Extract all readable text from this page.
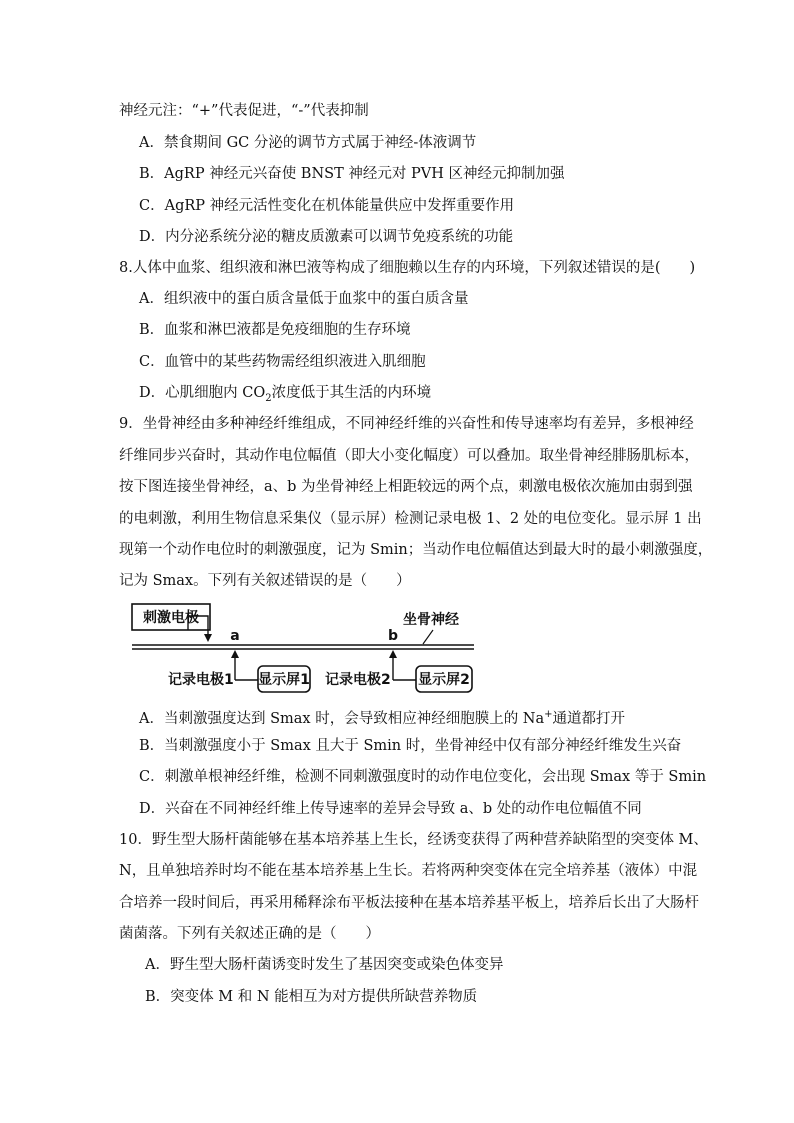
神经元注：“+”代表促进，“-”代表抑制
A．禁食期间 GC 分泌的调节方式属于神经-体液调节
B．AgRP 神经元兴奋使 BNST 神经元对 PVH 区神经元抑制加强
C．AgRP 神经元活性变化在机体能量供应中发挥重要作用
D．内分泌系统分泌的糖皮质激素可以调节免疫系统的功能
8.人体中血浆、组织液和淋巴液等构成了细胞赖以生存的内环境，下列叙述错误的是(　　)
A．组织液中的蛋白质含量低于血浆中的蛋白质含量
B．血浆和淋巴液都是免疫细胞的生存环境
C．血管中的某些药物需经组织液进入肌细胞
D．心肌细胞内 $CO_2$浓度低于其生活的内环境
9．坐骨神经由多种神经纤维组成，不同神经纤维的兴奋性和传导速率均有差异，多根神经
纤维同步兴奋时，其动作电位幅值（即大小变化幅度）可以叠加。取坐骨神经腓肠肌标本，
按下图连接坐骨神经，a、b 为坐骨神经上相距较远的两个点，刺激电极依次施加由弱到强
的电刺激，利用生物信息采集仪（显示屏）检测记录电极 1、2 处的电位变化。显示屏 1 出
现第一个动作电位时的刺激强度，记为 Smin；当动作电位幅值达到最大时的最小刺激强度，
记为 Smax。下列有关叙述错误的是（　　）
刺激电极	坐骨神经
a	b
记录电极1 显示屏1 记录电极2 显示屏2
A．当刺激强度达到 Smax 时，会导致相应神经细胞膜上的 Na+通道都打开
B．当刺激强度小于 Smax 且大于 Smin 时，坐骨神经中仅有部分神经纤维发生兴奋
C．刺激单根神经纤维，检测不同刺激强度时的动作电位变化，会出现 Smax 等于 Smin
D．兴奋在不同神经纤维上传导速率的差异会导致 a、b 处的动作电位幅值不同
10．野生型大肠杆菌能够在基本培养基上生长，经诱变获得了两种营养缺陷型的突变体 M、
N，且单独培养时均不能在基本培养基上生长。若将两种突变体在完全培养基（液体）中混
合培养一段时间后，再采用稀释涂布平板法接种在基本培养基平板上，培养后长出了大肠杆
菌菌落。下列有关叙述正确的是（　　）
A．野生型大肠杆菌诱变时发生了基因突变或染色体变异
B．突变体 M 和 N 能相互为对方提供所缺营养物质
